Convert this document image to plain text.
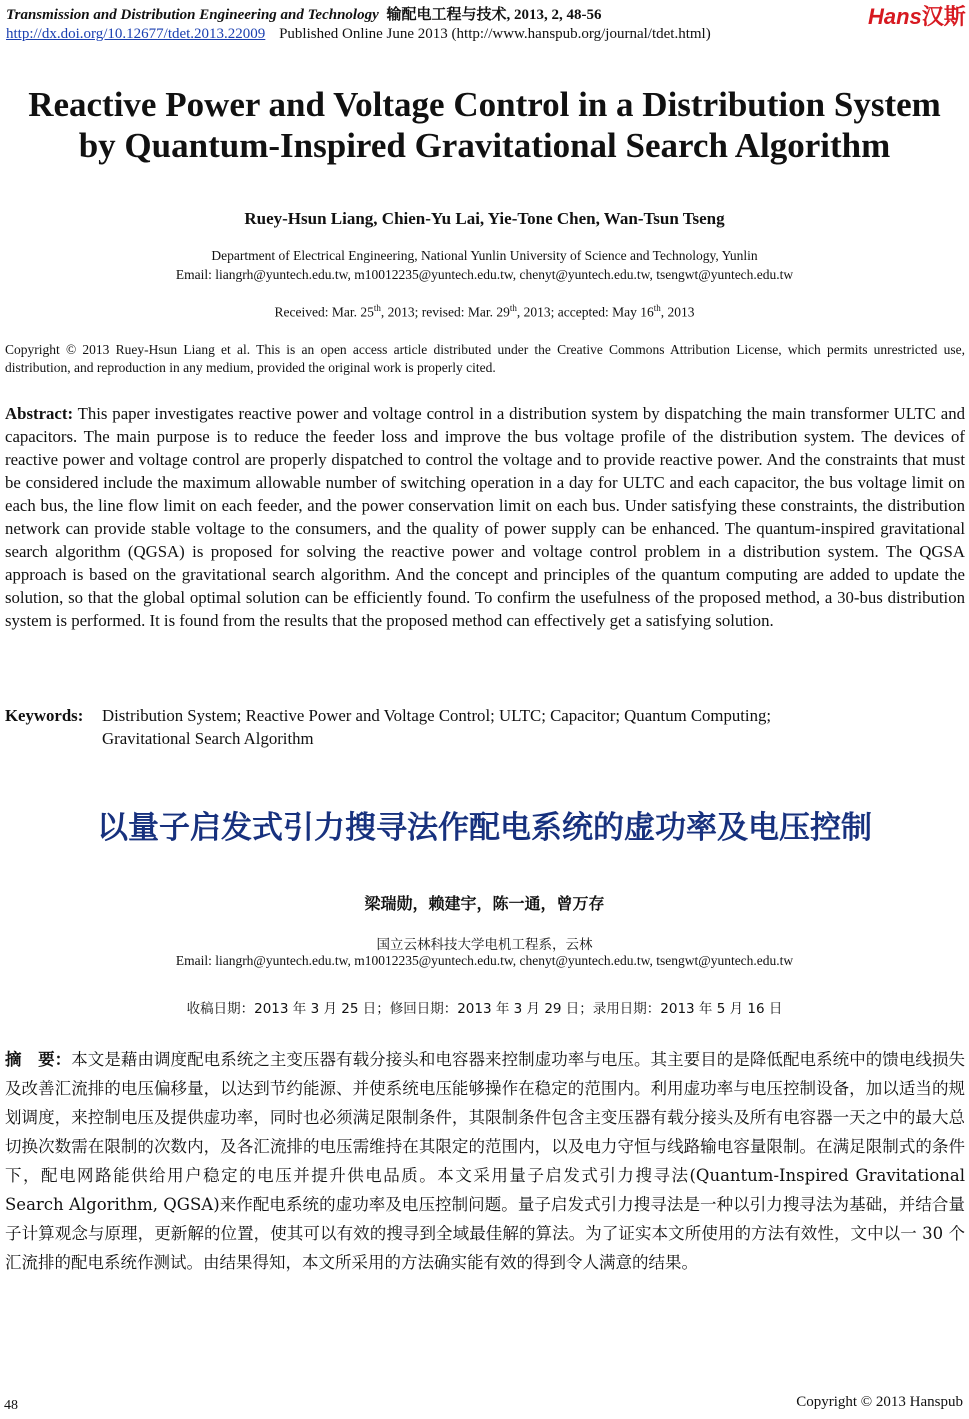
Transmission and Distribution Engineering and Technology 输配电工程与技术, 2013, 2, 48-56
http://dx.doi.org/10.12677/tdet.2013.22009 Published Online June 2013 (http://www.hanspub.org/journal/tdet.html)
Hans汉斯
Reactive Power and Voltage Control in a Distribution System
by Quantum-Inspired Gravitational Search Algorithm
Ruey-Hsun Liang, Chien-Yu Lai, Yie-Tone Chen, Wan-Tsun Tseng
Department of Electrical Engineering, National Yunlin University of Science and Technology, Yunlin
Email: liangrh@yuntech.edu.tw, m10012235@yuntech.edu.tw, chenyt@yuntech.edu.tw, tsengwt@yuntech.edu.tw
Received: Mar. 25th, 2013; revised: Mar. 29th, 2013; accepted: May 16th, 2013
Copyright © 2013 Ruey-Hsun Liang et al. This is an open access article distributed under the Creative Commons Attribution License, which permits unrestricted use, distribution, and reproduction in any medium, provided the original work is properly cited.
Abstract: This paper investigates reactive power and voltage control in a distribution system by dispatching the main transformer ULTC and capacitors. The main purpose is to reduce the feeder loss and improve the bus voltage profile of the distribution system. The devices of reactive power and voltage control are properly dispatched to control the voltage and to provide reactive power. And the constraints that must be considered include the maximum allowable number of switching operation in a day for ULTC and each capacitor, the bus voltage limit on each bus, the line flow limit on each feeder, and the power conservation limit on each bus. Under satisfying these constraints, the distribution network can provide stable voltage to the consumers, and the quality of power supply can be enhanced. The quantum-inspired gravitational search algorithm (QGSA) is proposed for solving the reactive power and voltage control problem in a distribution system. The QGSA approach is based on the gravitational search algorithm. And the concept and principles of the quantum computing are added to update the solution, so that the global optimal solution can be efficiently found. To confirm the usefulness of the proposed method, a 30-bus distribution system is performed. It is found from the results that the proposed method can effectively get a satisfying solution.
Keywords: Distribution System; Reactive Power and Voltage Control; ULTC; Capacitor; Quantum Computing;
Gravitational Search Algorithm
以量子启发式引力搜寻法作配电系统的虚功率及电压控制
梁瑞勋，赖建宇，陈一通，曾万存
国立云林科技大学电机工程系，云林
Email: liangrh@yuntech.edu.tw, m10012235@yuntech.edu.tw, chenyt@yuntech.edu.tw, tsengwt@yuntech.edu.tw
收稿日期：2013 年 3 月 25 日；修回日期：2013 年 3 月 29 日；录用日期：2013 年 5 月 16 日
摘　要：本文是藉由调度配电系统之主变压器有载分接头和电容器来控制虚功率与电压。其主要目的是降低配电系统中的馈电线损失及改善汇流排的电压偏移量，以达到节约能源、并使系统电压能够操作在稳定的范围内。利用虚功率与电压控制设备，加以适当的规划调度，来控制电压及提供虚功率，同时也必须满足限制条件，其限制条件包含主变压器有载分接头及所有电容器一天之中的最大总切换次数需在限制的次数内，及各汇流排的电压需维持在其限定的范围内，以及电力守恒与线路输电容量限制。在满足限制式的条件下，配电网路能供给用户稳定的电压并提升供电品质。本文采用量子启发式引力搜寻法(Quantum-Inspired Gravitational Search Algorithm, QGSA)来作配电系统的虚功率及电压控制问题。量子启发式引力搜寻法是一种以引力搜寻法为基础，并结合量子计算观念与原理，更新解的位置，使其可以有效的搜寻到全域最佳解的算法。为了证实本文所使用的方法有效性，文中以一 30 个汇流排的配电系统作测试。由结果得知，本文所采用的方法确实能有效的得到令人满意的结果。
48	Copyright © 2013 Hanspub
